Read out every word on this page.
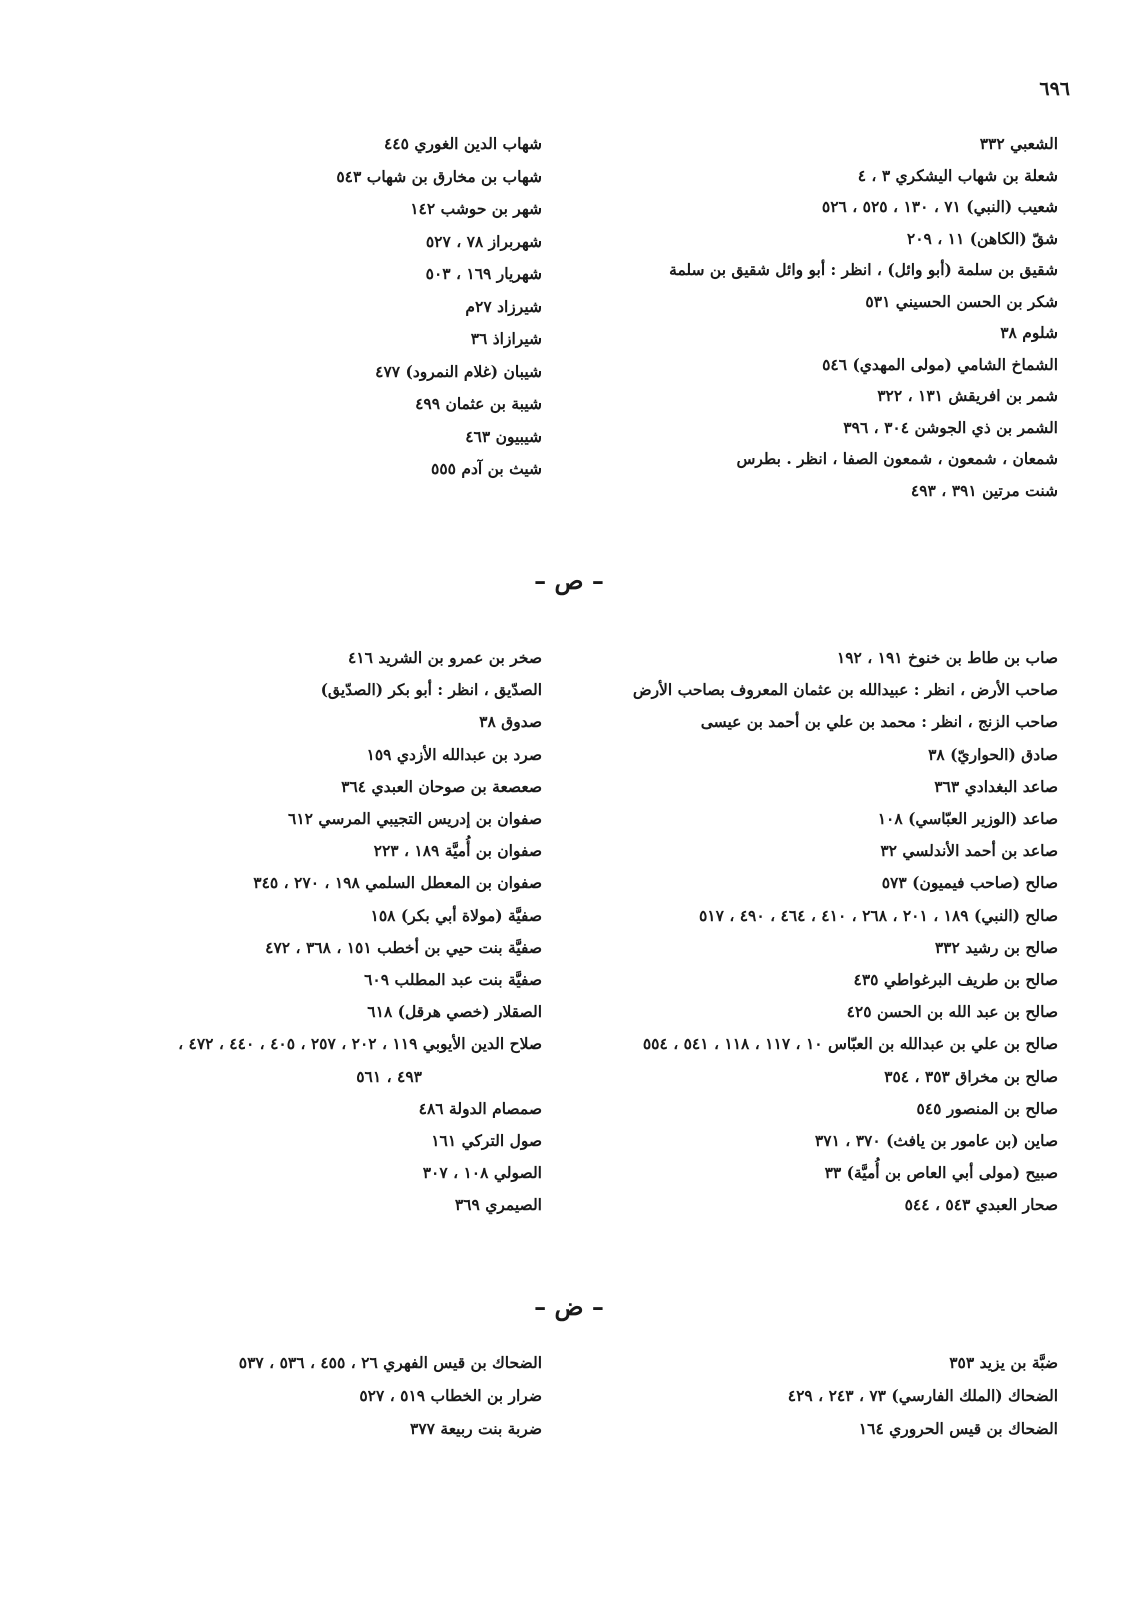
٦٩٦
الشعبي ٣٣٢
شعلة بن شهاب اليشكري ٣ ، ٤
شعيب (النبي) ٧١ ، ١٣٠ ، ٥٢٥ ، ٥٢٦
شقّ (الكاهن) ١١ ، ٢٠٩
شقيق بن سلمة (أبو وائل) ، انظر : أبو وائل شقيق بن سلمة
شكر بن الحسن الحسيني ٥٣١
شلوم ٣٨
الشماخ الشامي (مولى المهدي) ٥٤٦
شمر بن افريقش ١٣١ ، ٣٢٢
الشمر بن ذي الجوشن ٣٠٤ ، ٣٩٦
شمعان ، شمعون ، شمعون الصفا ، انظر . بطرس
شنت مرتين ٣٩١ ، ٤٩٣
شهاب الدين الغوري ٤٤٥
شهاب بن مخارق بن شهاب ٥٤٣
شهر بن حوشب ١٤٢
شهربراز ٧٨ ، ٥٢٧
شهريار ١٦٩ ، ٥٠٣
شيرزاد ٢٧م
شيرازاذ ٣٦
شيبان (غلام النمرود) ٤٧٧
شيبة بن عثمان ٤٩٩
شيبيون ٤٦٣
شيث بن آدم ٥٥٥
– ص –
صاب بن طاط بن خنوخ ١٩١ ، ١٩٢
صاحب الأرض ، انظر : عبيدالله بن عثمان المعروف بصاحب الأرض
صاحب الزنج ، انظر : محمد بن علي بن أحمد بن عيسى
صادق (الحواريّ) ٣٨
صاعد البغدادي ٣٦٣
صاعد (الوزير العبّاسي) ١٠٨
صاعد بن أحمد الأندلسي ٣٢
صالح (صاحب فيميون) ٥٧٣
صالح (النبي) ١٨٩ ، ٢٠١ ، ٢٦٨ ، ٤١٠ ، ٤٦٤ ، ٤٩٠ ، ٥١٧
صالح بن رشيد ٣٣٢
صالح بن طريف البرغواطي ٤٣٥
صالح بن عبد الله بن الحسن ٤٢٥
صالح بن علي بن عبدالله بن العبّاس ١٠ ، ١١٧ ، ١١٨ ، ٥٤١ ، ٥٥٤
صالح بن مخراق ٣٥٣ ، ٣٥٤
صالح بن المنصور ٥٤٥
صاين (بن عامور بن يافث) ٣٧٠ ، ٣٧١
صبيح (مولى أبي العاص بن أُميَّة) ٣٣
صحار العبدي ٥٤٣ ، ٥٤٤
صخر بن عمرو بن الشريد ٤١٦
الصدّيق ، انظر : أبو بكر (الصدّيق)
صدوق ٣٨
صرد بن عبدالله الأزدي ١٥٩
صعصعة بن صوحان العبدي ٣٦٤
صفوان بن إدريس التجيبي المرسي ٦١٢
صفوان بن أُميَّة ١٨٩ ، ٢٢٣
صفوان بن المعطل السلمي ١٩٨ ، ٢٧٠ ، ٣٤٥
صفيَّة (مولاة أبي بكر) ١٥٨
صفيَّة بنت حيي بن أخطب ١٥١ ، ٣٦٨ ، ٤٧٢
صفيَّة بنت عبد المطلب ٦٠٩
الصقلار (خصي هرقل) ٦١٨
صلاح الدين الأيوبي ١١٩ ، ٢٠٢ ، ٢٥٧ ، ٤٠٥ ، ٤٤٠ ، ٤٧٢ ،
٤٩٣ ، ٥٦١
صمصام الدولة ٤٨٦
صول التركي ١٦١
الصولي ١٠٨ ، ٣٠٧
الصيمري ٣٦٩
– ض –
ضبَّة بن يزيد ٣٥٣
الضحاك (الملك الفارسي) ٧٣ ، ٢٤٣ ، ٤٢٩
الضحاك بن قيس الحروري ١٦٤
الضحاك بن قيس الفهري ٢٦ ، ٤٥٥ ، ٥٣٦ ، ٥٣٧
ضرار بن الخطاب ٥١٩ ، ٥٢٧
ضربة بنت ربيعة ٣٧٧
